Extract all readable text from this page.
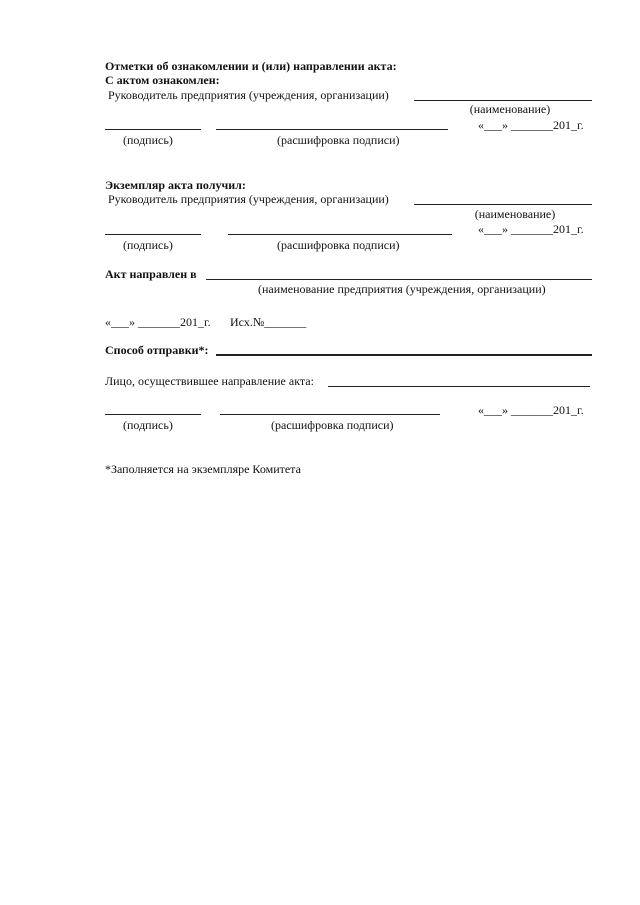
Отметки об ознакомлении и (или) направлении акта:
С актом ознакомлен:
Руководитель предприятия (учреждения, организации)
(наименование)
«___» _______201_г.
(подпись)	(расшифровка подписи)
Экземпляр акта получил:
Руководитель предприятия (учреждения, организации)
(наименование)
«___» _______201_г.
(подпись)	(расшифровка подписи)
Акт направлен в
(наименование предприятия (учреждения, организации)
«___» _______201_г. Исх.№_______
Способ отправки*:
Лицо, осуществившее направление акта:
«___» _______201_г.
(подпись)	(расшифровка подписи)
*Заполняется на экземпляре Комитета
